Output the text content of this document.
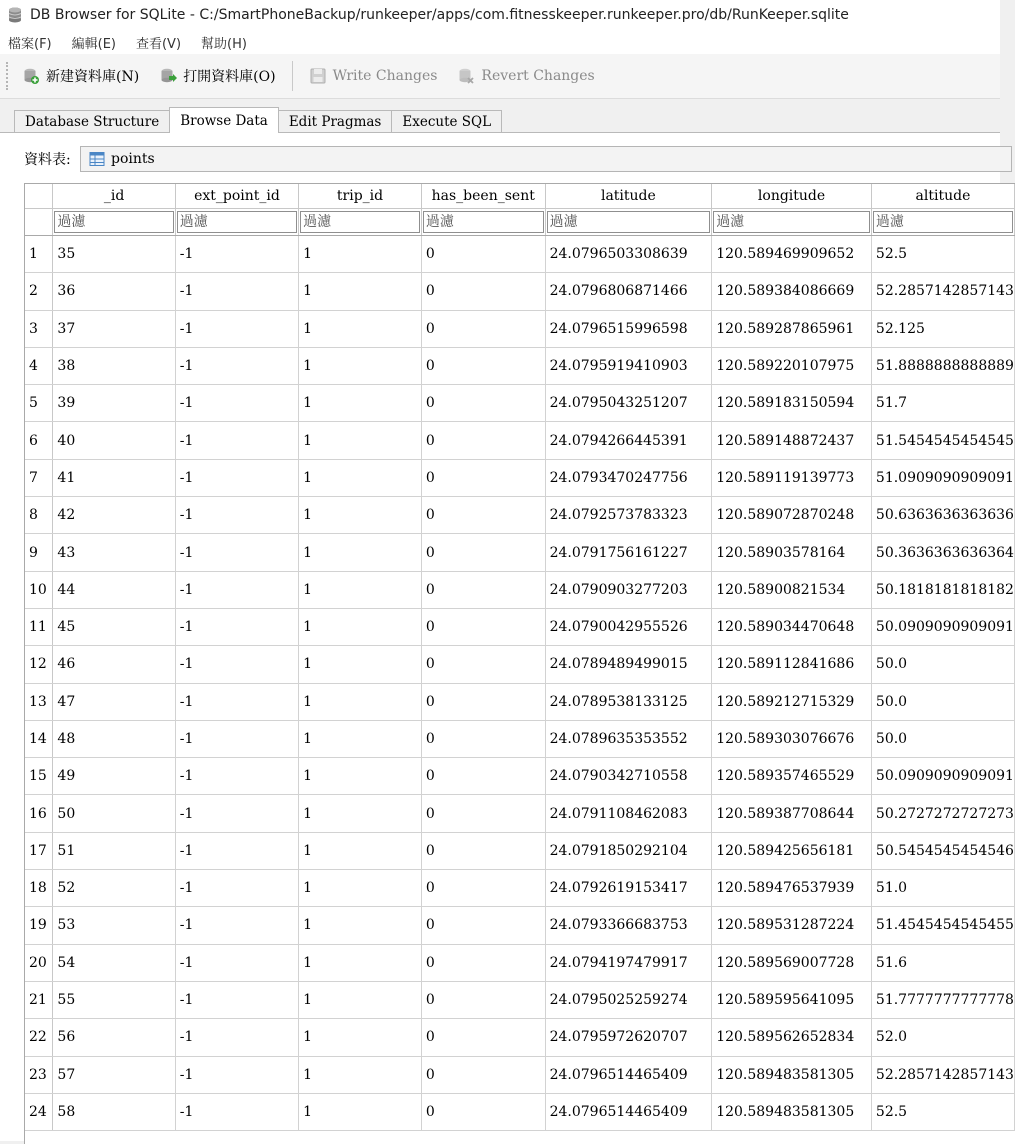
DB Browser for SQLite - C:/SmartPhoneBackup/runkeeper/apps/com.fitnesskeeper.runkeeper.pro/db/RunKeeper.sqlite
檔案(F)	編輯(E)	查看(V)	幫助(H)
新建資料庫(N)	打開資料庫(O)	Write Changes	Revert Changes
Database Structure	Browse Data	Edit Pragmas	Execute SQL
資料表:	points
	_id	ext_point_id	trip_id	has_been_sent	latitude	longitude	altitude
	過濾	過濾	過濾	過濾	過濾	過濾	過濾
1	35	-1	1	0	24.0796503308639	120.589469909652	52.5
2	36	-1	1	0	24.0796806871466	120.589384086669	52.2857142857143
3	37	-1	1	0	24.0796515996598	120.589287865961	52.125
4	38	-1	1	0	24.0795919410903	120.589220107975	51.8888888888889
5	39	-1	1	0	24.0795043251207	120.589183150594	51.7
6	40	-1	1	0	24.0794266445391	120.589148872437	51.5454545454545
7	41	-1	1	0	24.0793470247756	120.589119139773	51.0909090909091
8	42	-1	1	0	24.0792573783323	120.589072870248	50.6363636363636
9	43	-1	1	0	24.0791756161227	120.58903578164	50.3636363636364
10	44	-1	1	0	24.0790903277203	120.58900821534	50.1818181818182
11	45	-1	1	0	24.0790042955526	120.589034470648	50.0909090909091
12	46	-1	1	0	24.0789489499015	120.589112841686	50.0
13	47	-1	1	0	24.0789538133125	120.589212715329	50.0
14	48	-1	1	0	24.0789635353552	120.589303076676	50.0
15	49	-1	1	0	24.0790342710558	120.589357465529	50.0909090909091
16	50	-1	1	0	24.0791108462083	120.589387708644	50.2727272727273
17	51	-1	1	0	24.0791850292104	120.589425656181	50.5454545454546
18	52	-1	1	0	24.0792619153417	120.589476537939	51.0
19	53	-1	1	0	24.0793366683753	120.589531287224	51.4545454545455
20	54	-1	1	0	24.0794197479917	120.589569007728	51.6
21	55	-1	1	0	24.0795025259274	120.589595641095	51.7777777777778
22	56	-1	1	0	24.0795972620707	120.589562652834	52.0
23	57	-1	1	0	24.0796514465409	120.589483581305	52.2857142857143
24	58	-1	1	0	24.0796514465409	120.589483581305	52.5
